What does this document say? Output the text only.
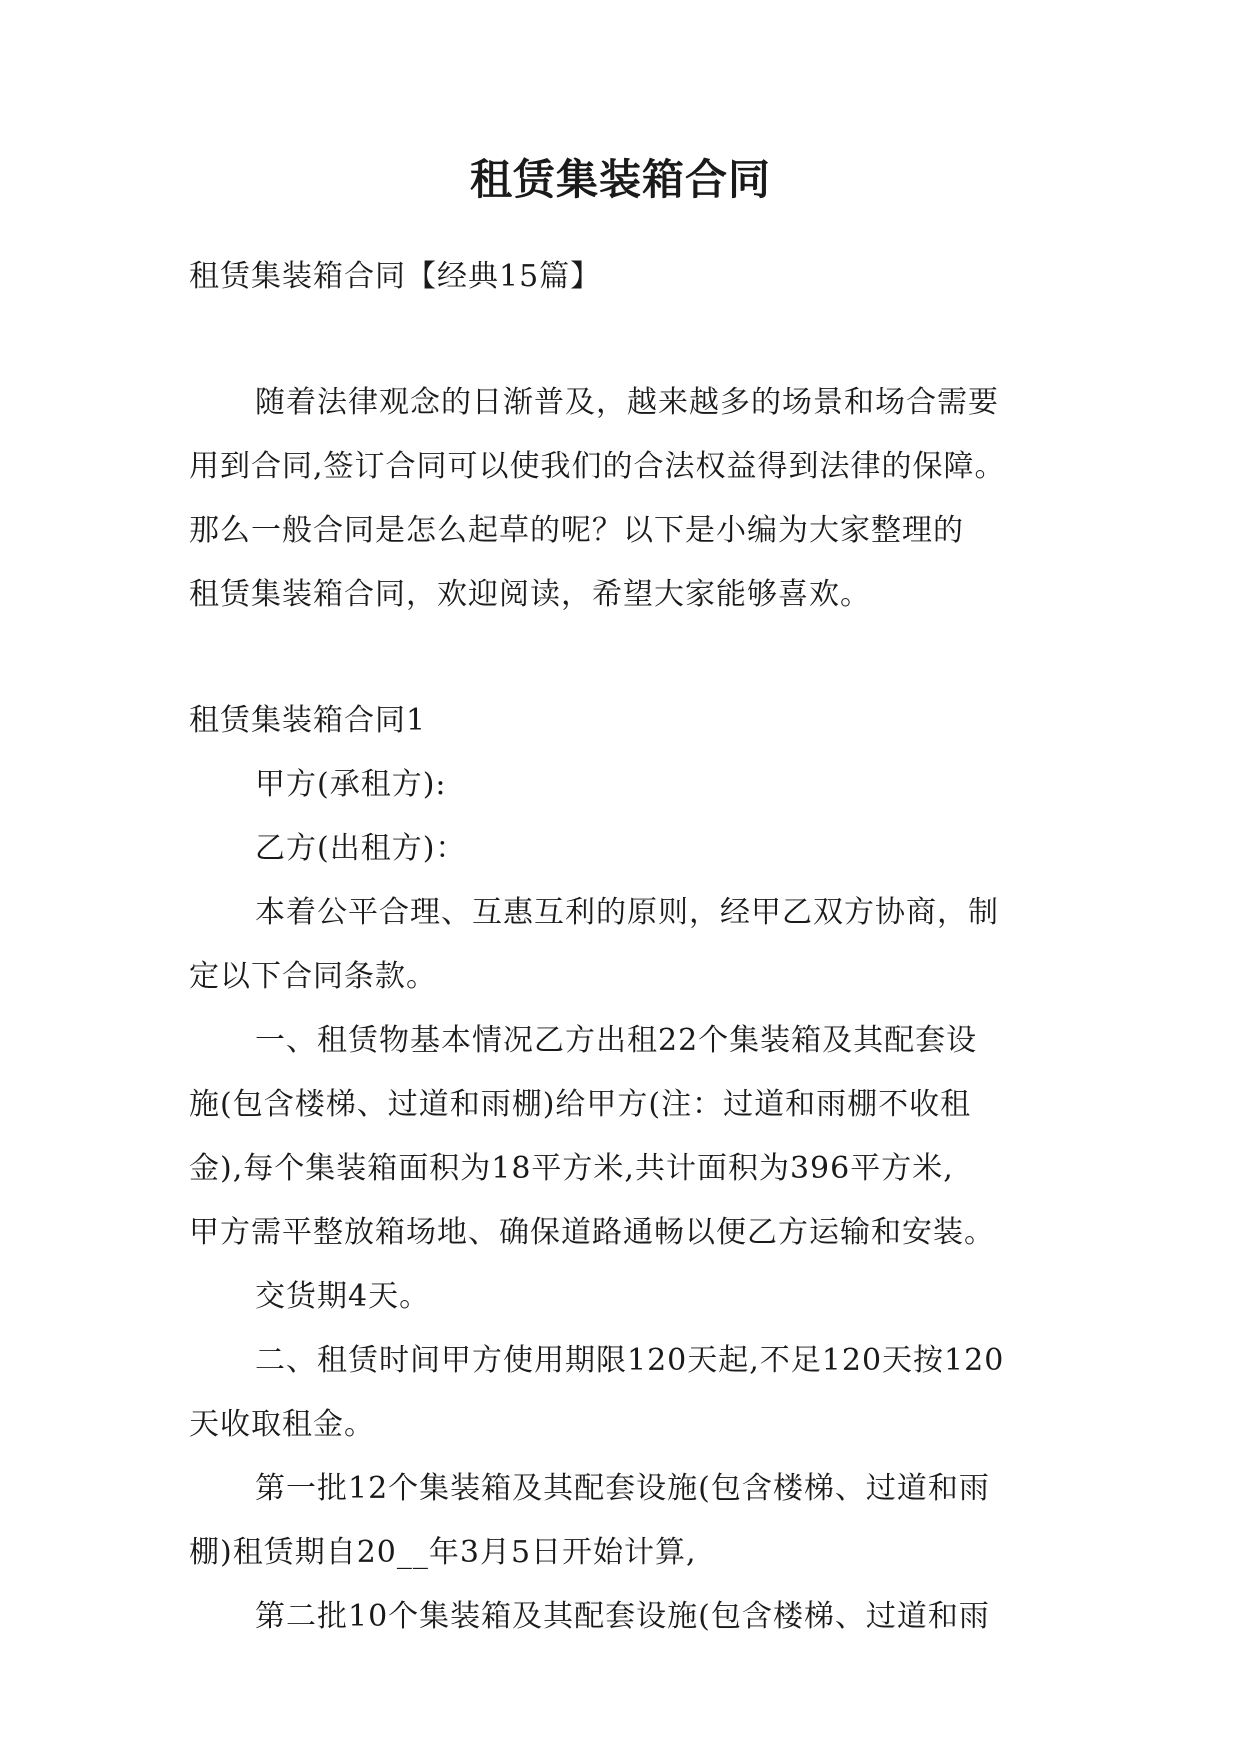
租赁集装箱合同

租赁集装箱合同【经典15篇】

随着法律观念的日渐普及，越来越多的场景和场合需要

用到合同,签订合同可以使我们的合法权益得到法律的保障。

那么一般合同是怎么起草的呢？以下是小编为大家整理的

租赁集装箱合同，欢迎阅读，希望大家能够喜欢。

租赁集装箱合同1

甲方(承租方):

乙方(出租方)：

本着公平合理、互惠互利的原则，经甲乙双方协商，制

定以下合同条款。

一、租赁物基本情况乙方出租22个集装箱及其配套设

施(包含楼梯、过道和雨棚)给甲方(注：过道和雨棚不收租

金),每个集装箱面积为18平方米,共计面积为396平方米,

甲方需平整放箱场地、确保道路通畅以便乙方运输和安装。

交货期4天。

二、租赁时间甲方使用期限120天起,不足120天按120

天收取租金。

第一批12个集装箱及其配套设施(包含楼梯、过道和雨

棚)租赁期自20__年3月5日开始计算,

第二批10个集装箱及其配套设施(包含楼梯、过道和雨
